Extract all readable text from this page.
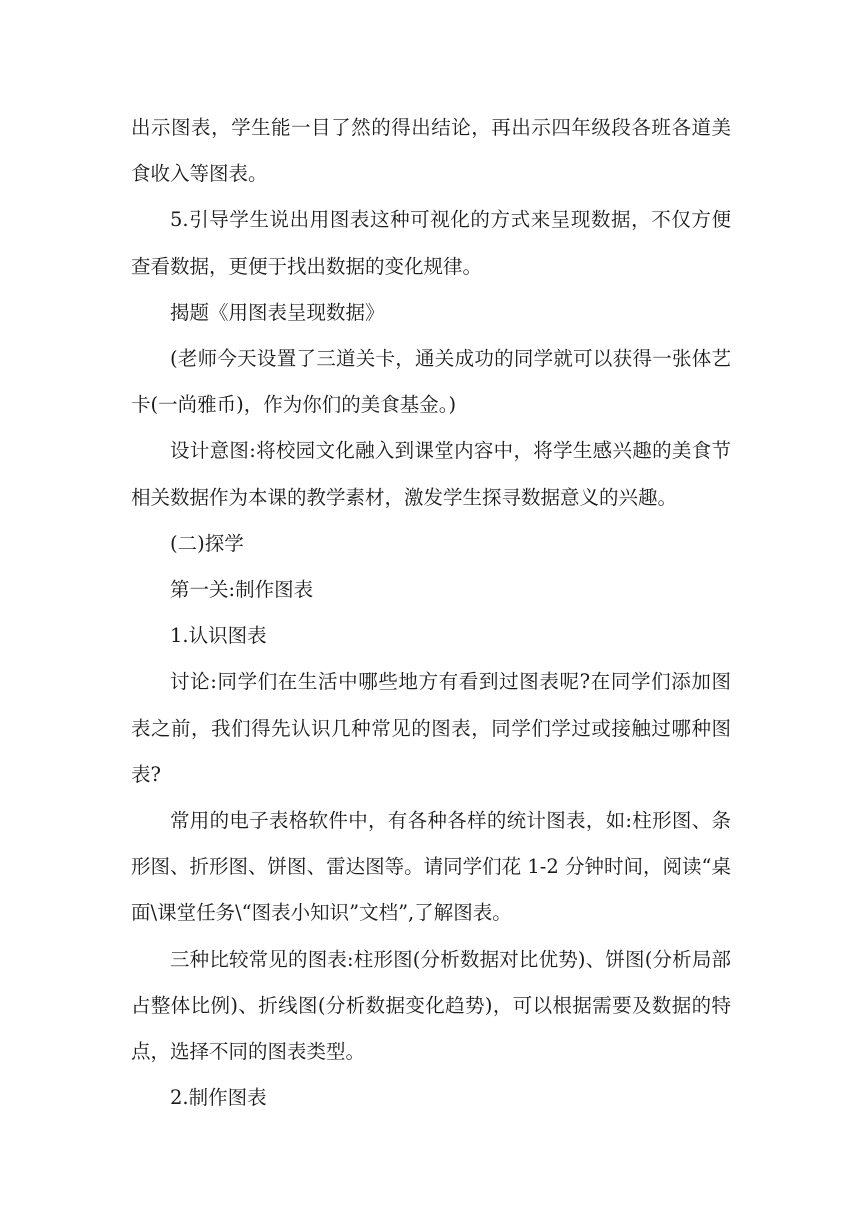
出示图表，学生能一目了然的得出结论，再出示四年级段各班各道美食收入等图表。

5.引导学生说出用图表这种可视化的方式来呈现数据，不仅方便查看数据，更便于找出数据的变化规律。

揭题《用图表呈现数据》

(老师今天设置了三道关卡，通关成功的同学就可以获得一张体艺卡(一尚雅币)，作为你们的美食基金。)

设计意图:将校园文化融入到课堂内容中，将学生感兴趣的美食节相关数据作为本课的教学素材，激发学生探寻数据意义的兴趣。

(二)探学

第一关:制作图表

1.认识图表

讨论:同学们在生活中哪些地方有看到过图表呢?在同学们添加图表之前，我们得先认识几种常见的图表，同学们学过或接触过哪种图表?

常用的电子表格软件中，有各种各样的统计图表，如:柱形图、条形图、折形图、饼图、雷达图等。请同学们花 1-2 分钟时间，阅读“桌面\课堂任务\“图表小知识”文档”,了解图表。

三种比较常见的图表:柱形图(分析数据对比优势)、饼图(分析局部占整体比例)、折线图(分析数据变化趋势)，可以根据需要及数据的特点，选择不同的图表类型。

2.制作图表
